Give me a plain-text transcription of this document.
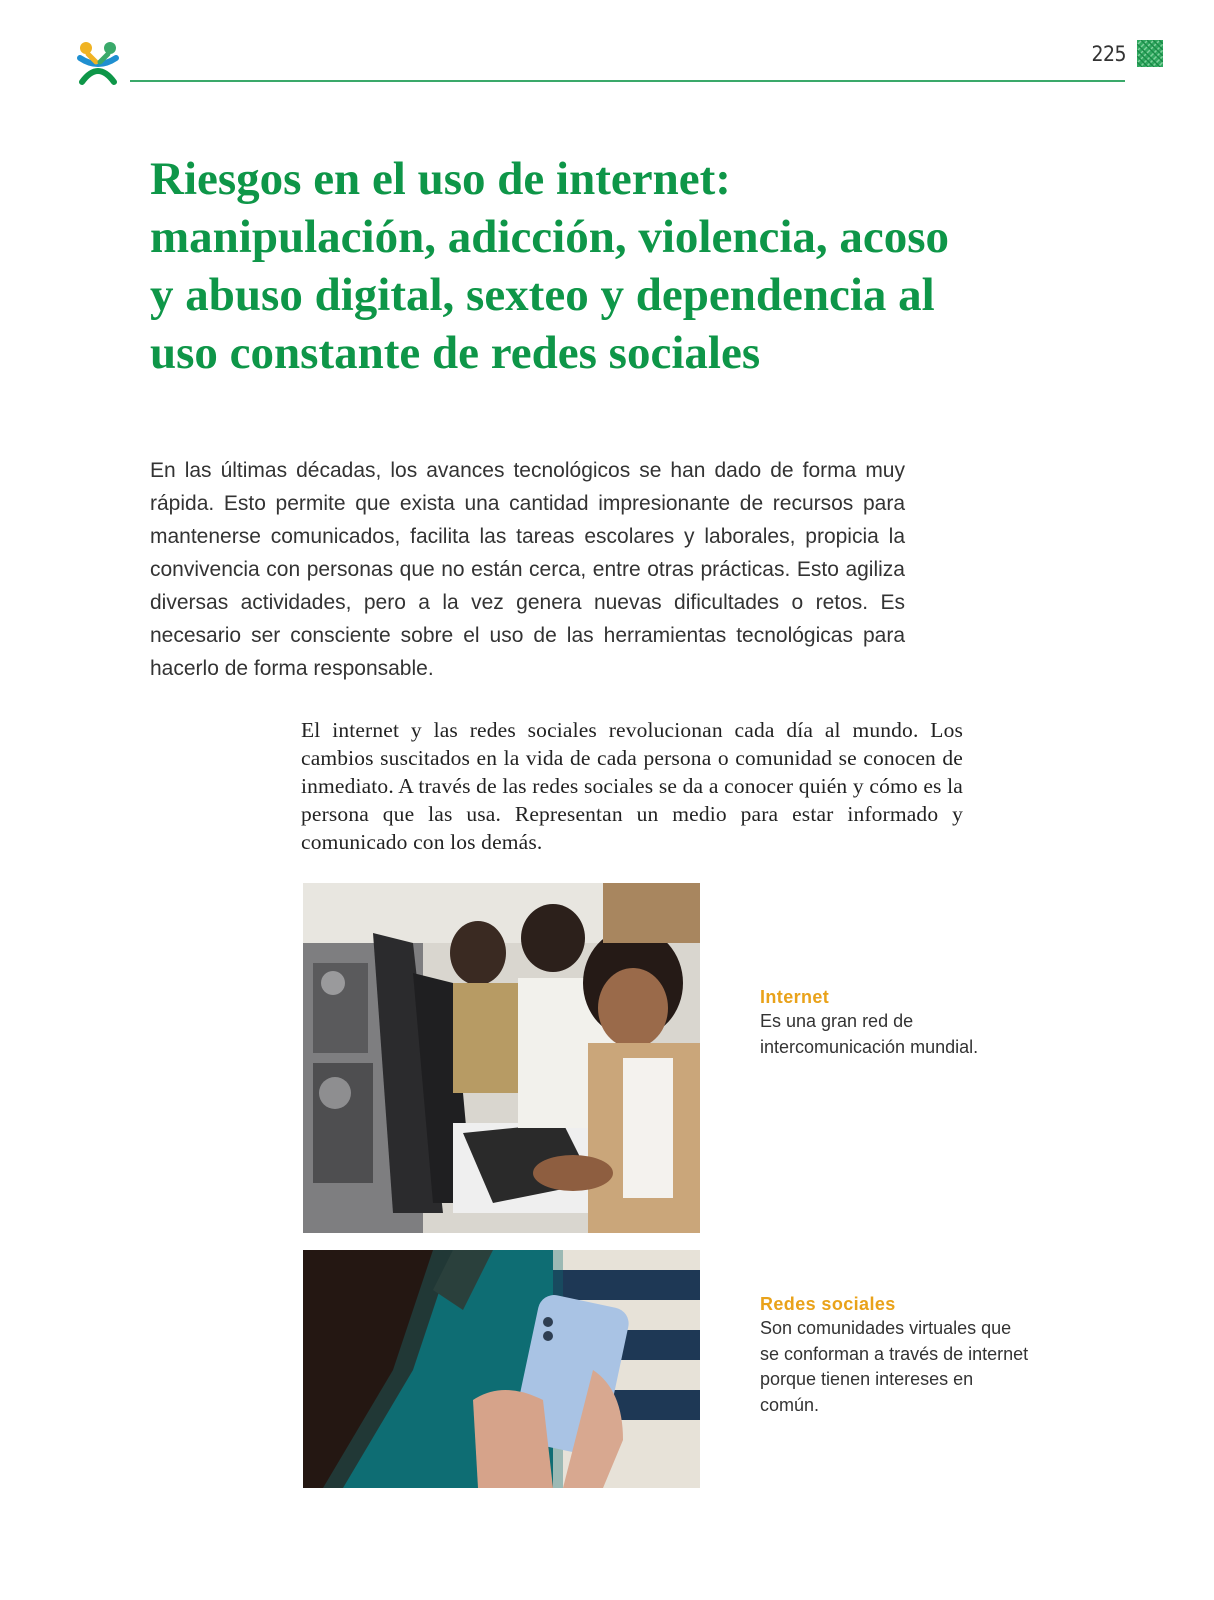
225
Riesgos en el uso de internet: manipulación, adicción, violencia, acoso y abuso digital, sexteo y dependencia al uso constante de redes sociales

En las últimas décadas, los avances tecnológicos se han dado de forma muy rápida. Esto permite que exista una cantidad impresionante de recursos para mantenerse comunicados, facilita las tareas escolares y laborales, propicia la convivencia con personas que no están cerca, entre otras prácticas. Esto agiliza diversas actividades, pero a la vez genera nuevas dificultades o retos. Es necesario ser consciente sobre el uso de las herramientas tecnológicas para hacerlo de forma responsable.

El internet y las redes sociales revolucionan cada día al mundo. Los cambios suscitados en la vida de cada persona o comunidad se conocen de inmediato. A través de las redes sociales se da a conocer quién y cómo es la persona que las usa. Representan un medio para estar informado y comunicado con los demás.

Internet
Es una gran red de intercomunicación mundial.
Redes sociales
Son comunidades virtuales que se conforman a través de internet porque tienen intereses en común.
